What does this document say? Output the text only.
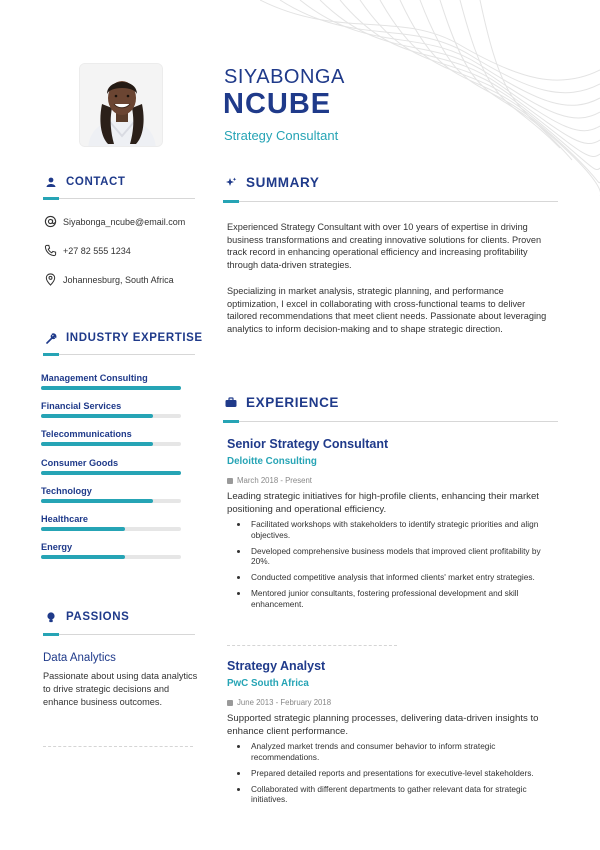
SIYABONGA
NCUBE
Strategy Consultant
CONTACT
Siyabonga_ncube@email.com
+27 82 555 1234
Johannesburg, South Africa
INDUSTRY EXPERTISE
Management Consulting
Financial Services
Telecommunications
Consumer Goods
Technology
Healthcare
Energy
PASSIONS
Data Analytics
Passionate about using data analytics to drive strategic decisions and enhance business outcomes.
SUMMARY

Experienced Strategy Consultant with over 10 years of expertise in driving business transformations and creating innovative solutions for clients. Proven track record in enhancing operational efficiency and increasing profitability through data-driven strategies.

Specializing in market analysis, strategic planning, and performance optimization, I excel in collaborating with cross-functional teams to deliver tailored recommendations that meet client needs. Passionate about leveraging analytics to inform decision-making and to shape strategic direction.

EXPERIENCE
Senior Strategy Consultant
Deloitte Consulting
March 2018 - Present

Leading strategic initiatives for high-profile clients, enhancing their market positioning and operational efficiency.

Facilitated workshops with stakeholders to identify strategic priorities and align objectives.
Developed comprehensive business models that improved client profitability by 20%.
Conducted competitive analysis that informed clients' market entry strategies.
Mentored junior consultants, fostering professional development and skill enhancement.
Strategy Analyst
PwC South Africa
June 2013 - February 2018

Supported strategic planning processes, delivering data-driven insights to enhance client performance.

Analyzed market trends and consumer behavior to inform strategic recommendations.
Prepared detailed reports and presentations for executive-level stakeholders.
Collaborated with different departments to gather relevant data for strategic initiatives.
